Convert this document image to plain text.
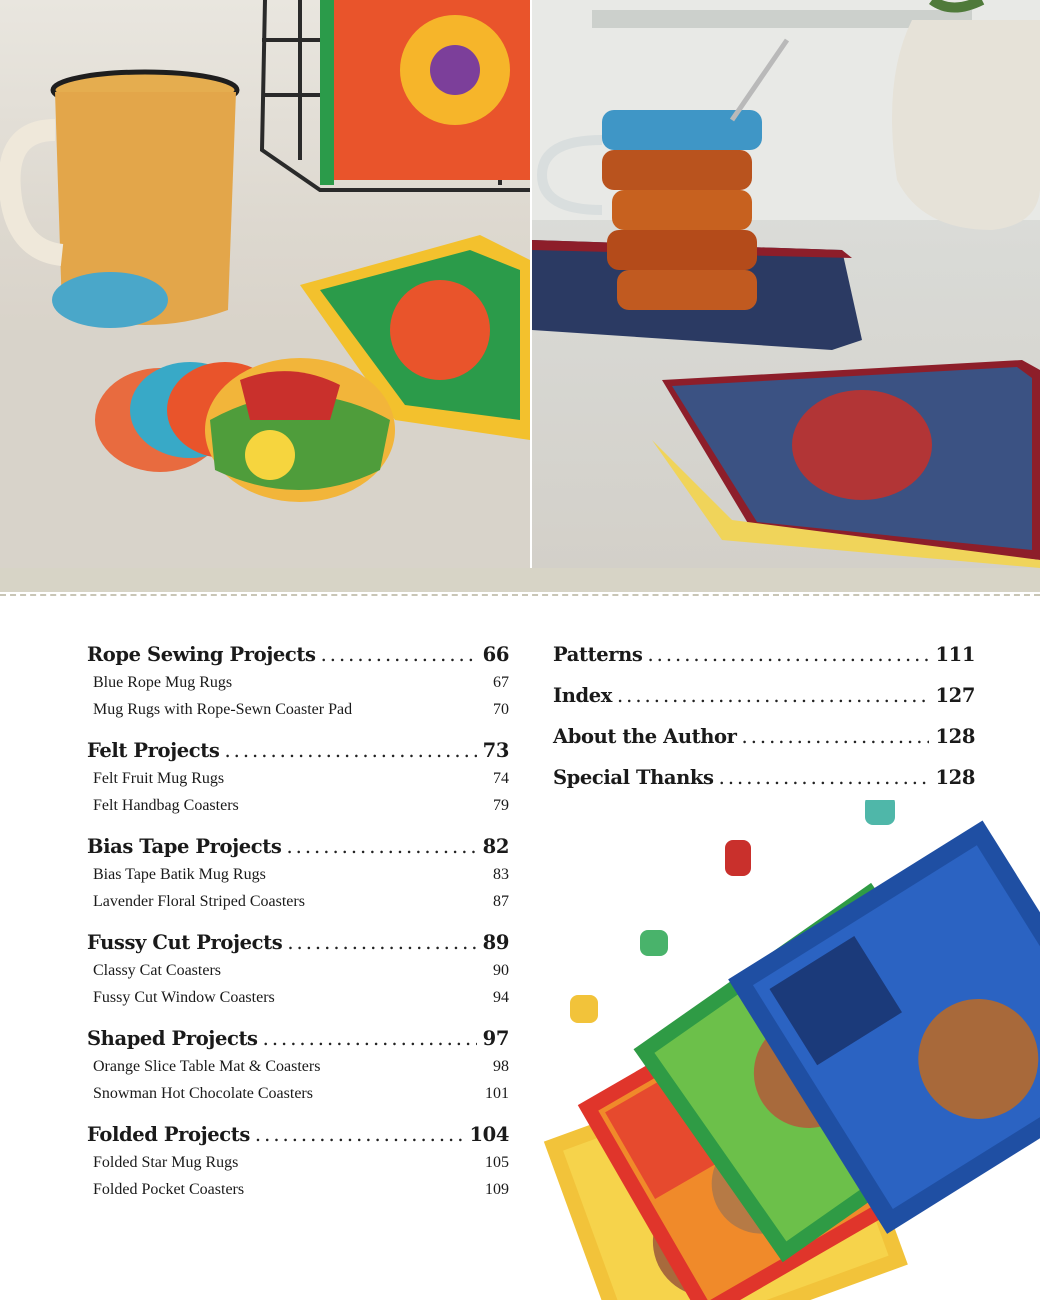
Rope Sewing Projects . . .	66
Blue Rope Mug Rugs	67
Mug Rugs with Rope-Sewn Coaster Pad	70
Felt Projects . . .	73
Felt Fruit Mug Rugs	74
Felt Handbag Coasters	79
Bias Tape Projects . . .	82
Bias Tape Batik Mug Rugs	83
Lavender Floral Striped Coasters	87
Fussy Cut Projects . . .	89
Classy Cat Coasters	90
Fussy Cut Window Coasters	94
Shaped Projects . . .	97
Orange Slice Table Mat & Coasters	98
Snowman Hot Chocolate Coasters	101
Folded Projects . . .	104
Folded Star Mug Rugs	105
Folded Pocket Coasters	109
Patterns . . .	111
Index . . .	127
About the Author . . .	128
Special Thanks . . .	128
